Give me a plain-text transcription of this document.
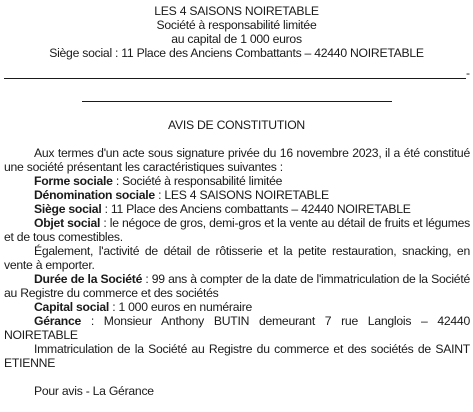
LES 4 SAISONS NOIRETABLE
Société à responsabilité limitée
au capital de 1 000 euros
Siège social : 11 Place des Anciens Combattants – 42440 NOIRETABLE
-
AVIS DE CONSTITUTION
Aux termes d'un acte sous signature privée du 16 novembre 2023, il a été constitué
une société présentant les caractéristiques suivantes :
Forme sociale : Société à responsabilité limitée
Dénomination sociale : LES 4 SAISONS NOIRETABLE
Siège social : 11 Place des Anciens combattants – 42440 NOIRETABLE
Objet social : le négoce de gros, demi-gros et la vente au détail de fruits et légumes
et de tous comestibles.
Également, l'activité de détail de rôtisserie et la petite restauration, snacking, en
vente à emporter.
Durée de la Société : 99 ans à compter de la date de l'immatriculation de la Société
au Registre du commerce et des sociétés
Capital social : 1 000 euros en numéraire
Gérance : Monsieur Anthony BUTIN demeurant 7 rue Langlois – 42440
NOIRETABLE
Immatriculation de la Société au Registre du commerce et des sociétés de SAINT
ETIENNE
Pour avis - La Gérance
